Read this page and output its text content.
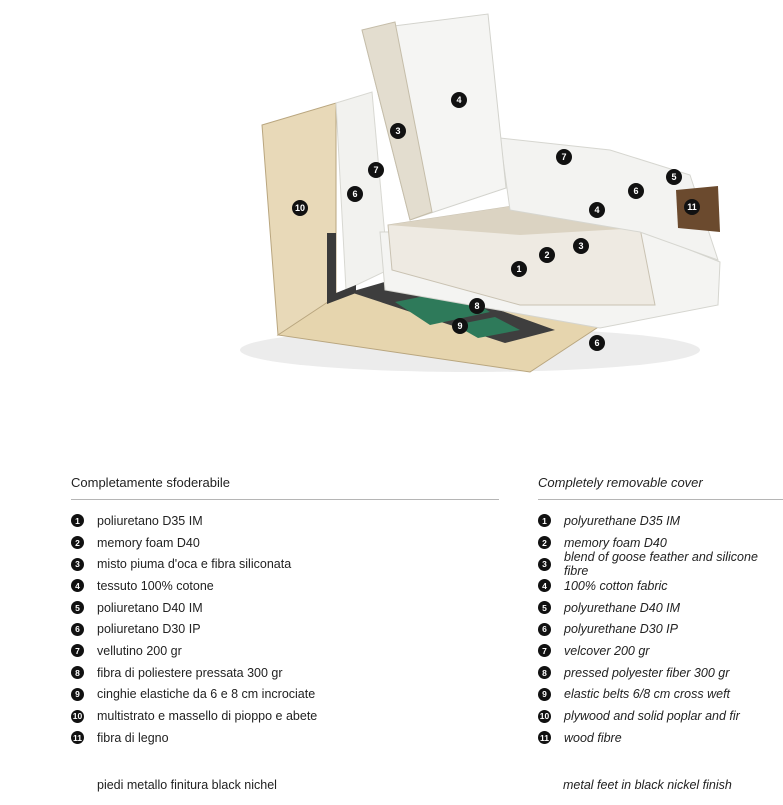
1
2
3
3
4
4
5
6	6
6
7
7
8
9
10	11
Completamente sfoderabile
1	poliuretano D35 IM
2	memory foam D40
3	misto piuma d'oca e fibra siliconata
4	tessuto 100% cotone
5	poliuretano D40 IM
6	poliuretano D30 IP
7	vellutino 200 gr
8	fibra di poliestere pressata 300 gr
9	cinghie elastiche da 6 e 8 cm incrociate
10 multistrato e massello di pioppo e abete
11 fibra di legno
piedi metallo finitura black nichel
Completely removable cover
1	polyurethane D35 IM
2	memory foam D40
3	blend of goose feather and silicone fibre
4	100% cotton fabric
5	polyurethane D40 IM
6	polyurethane D30 IP
7	velcover 200 gr
8	pressed polyester fiber 300 gr
9	elastic belts 6/8 cm cross weft
10 plywood and solid poplar and fir
11 wood fibre
metal feet in black nickel finish
